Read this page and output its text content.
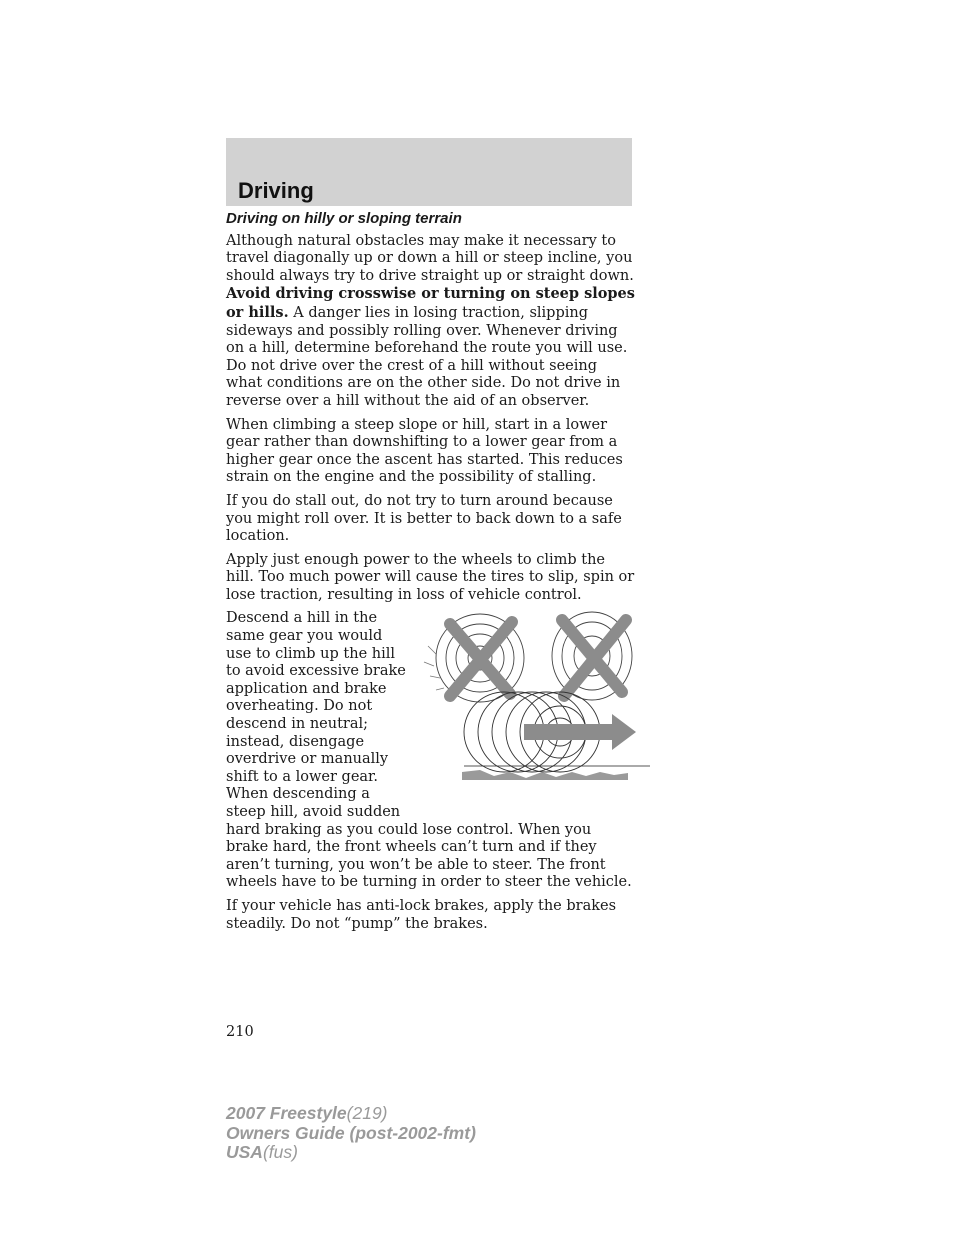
Driving

Driving on hilly or sloping terrain

Although natural obstacles may make it necessary to travel diagonally up or down a hill or steep incline, you should always try to drive straight up or straight down. Avoid driving crosswise or turning on steep slopes or hills. A danger lies in losing traction, slipping sideways and possibly rolling over. Whenever driving on a hill, determine beforehand the route you will use. Do not drive over the crest of a hill without seeing what conditions are on the other side. Do not drive in reverse over a hill without the aid of an observer.

When climbing a steep slope or hill, start in a lower gear rather than downshifting to a lower gear from a higher gear once the ascent has started. This reduces strain on the engine and the possibility of stalling.

If you do stall out, do not try to turn around because you might roll over. It is better to back down to a safe location.

Apply just enough power to the wheels to climb the hill. Too much power will cause the tires to slip, spin or lose traction, resulting in loss of vehicle control.

Descend a hill in the same gear you would use to climb up the hill to avoid excessive brake application and brake overheating. Do not descend in neutral; instead, disengage overdrive or manually shift to a lower gear. When descending a steep hill, avoid sudden hard braking as you could lose control. When you brake hard, the front wheels can’t turn and if they aren’t turning, you won’t be able to steer. The front wheels have to be turning in order to steer the vehicle.

If your vehicle has anti-lock brakes, apply the brakes steadily. Do not “pump” the brakes.

210

2007 Freestyle(219)
Owners Guide (post-2002-fmt)
USA(fus)
